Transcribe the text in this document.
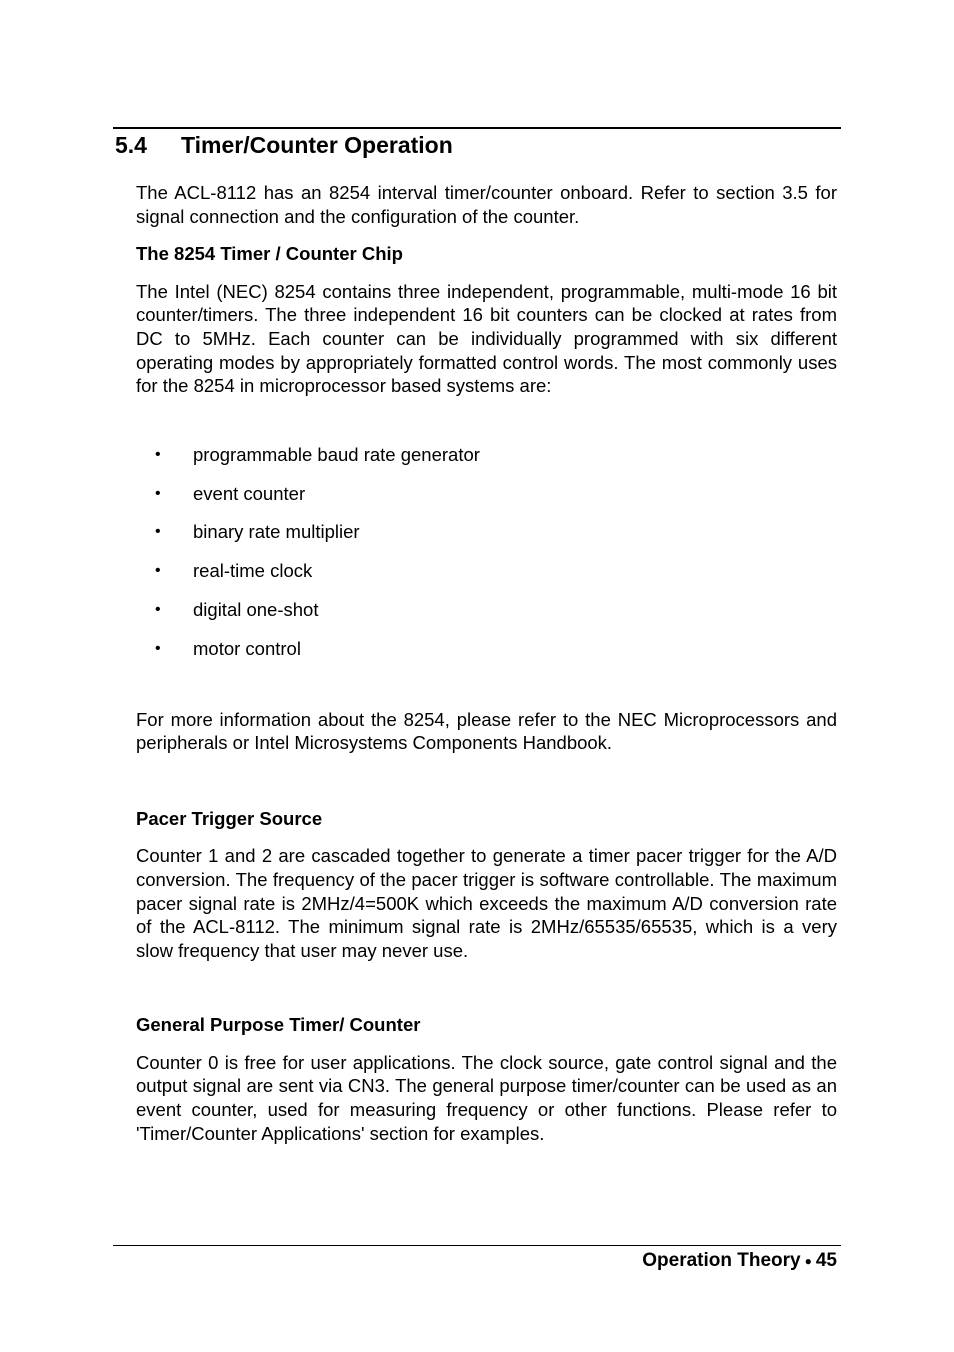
5.4 Timer/Counter Operation

The ACL-8112 has an 8254 interval timer/counter onboard. Refer to section 3.5 for signal connection and the configuration of the counter.

The 8254 Timer / Counter Chip

The Intel (NEC) 8254 contains three independent, programmable, multi-mode 16 bit counter/timers. The three independent 16 bit counters can be clocked at rates from DC to 5MHz. Each counter can be individually programmed with six different operating modes by appropriately formatted control words. The most commonly uses for the 8254 in microprocessor based systems are:

• programmable baud rate generator
• event counter
• binary rate multiplier
• real-time clock
• digital one-shot
• motor control

For more information about the 8254, please refer to the NEC Microprocessors and peripherals or Intel Microsystems Components Handbook.

Pacer Trigger Source

Counter 1 and 2 are cascaded together to generate a timer pacer trigger for the A/D conversion. The frequency of the pacer trigger is software controllable. The maximum pacer signal rate is 2MHz/4=500K which exceeds the maximum A/D conversion rate of the ACL-8112. The minimum signal rate is 2MHz/65535/65535, which is a very slow frequency that user may never use.

General Purpose Timer/ Counter

Counter 0 is free for user applications. The clock source, gate control signal and the output signal are sent via CN3. The general purpose timer/counter can be used as an event counter, used for measuring frequency or other functions. Please refer to 'Timer/Counter Applications' section for examples.

Operation Theory ● 45
